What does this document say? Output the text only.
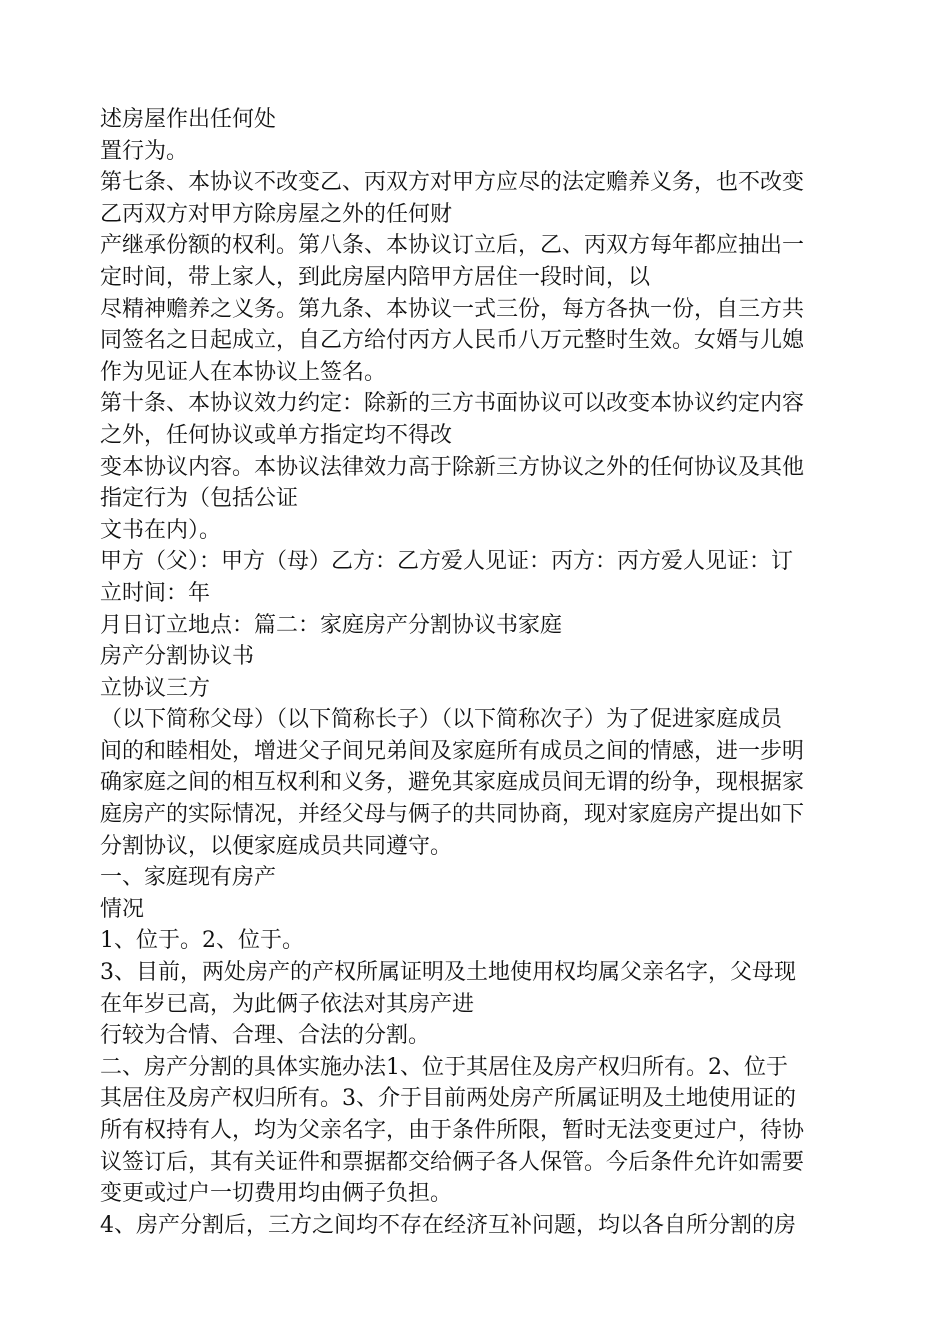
述房屋作出任何处
置行为。
第七条、本协议不改变乙、丙双方对甲方应尽的法定赡养义务，也不改变
乙丙双方对甲方除房屋之外的任何财
产继承份额的权利。第八条、本协议订立后，乙、丙双方每年都应抽出一
定时间，带上家人，到此房屋内陪甲方居住一段时间，以
尽精神赡养之义务。第九条、本协议一式三份，每方各执一份，自三方共
同签名之日起成立，自乙方给付丙方人民币八万元整时生效。女婿与儿媳
作为见证人在本协议上签名。
第十条、本协议效力约定：除新的三方书面协议可以改变本协议约定内容
之外，任何协议或单方指定均不得改
变本协议内容。本协议法律效力高于除新三方协议之外的任何协议及其他
指定行为（包括公证
文书在内）。
甲方（父）：甲方（母）乙方：乙方爱人见证：丙方：丙方爱人见证：订
立时间：年
月日订立地点：篇二：家庭房产分割协议书家庭
房产分割协议书
立协议三方
（以下简称父母）（以下简称长子）（以下简称次子）为了促进家庭成员
间的和睦相处，增进父子间兄弟间及家庭所有成员之间的情感，进一步明
确家庭之间的相互权利和义务，避免其家庭成员间无谓的纷争，现根据家
庭房产的实际情况，并经父母与俩子的共同协商，现对家庭房产提出如下
分割协议，以便家庭成员共同遵守。
一、家庭现有房产
情况
1、位于。2、位于。
3、目前，两处房产的产权所属证明及土地使用权均属父亲名字，父母现
在年岁已高，为此俩子依法对其房产进
行较为合情、合理、合法的分割。
二、房产分割的具体实施办法1、位于其居住及房产权归所有。2、位于
其居住及房产权归所有。3、介于目前两处房产所属证明及土地使用证的
所有权持有人，均为父亲名字，由于条件所限，暂时无法变更过户，待协
议签订后，其有关证件和票据都交给俩子各人保管。今后条件允许如需要
变更或过户一切费用均由俩子负担。
4、房产分割后，三方之间均不存在经济互补问题，均以各自所分割的房
